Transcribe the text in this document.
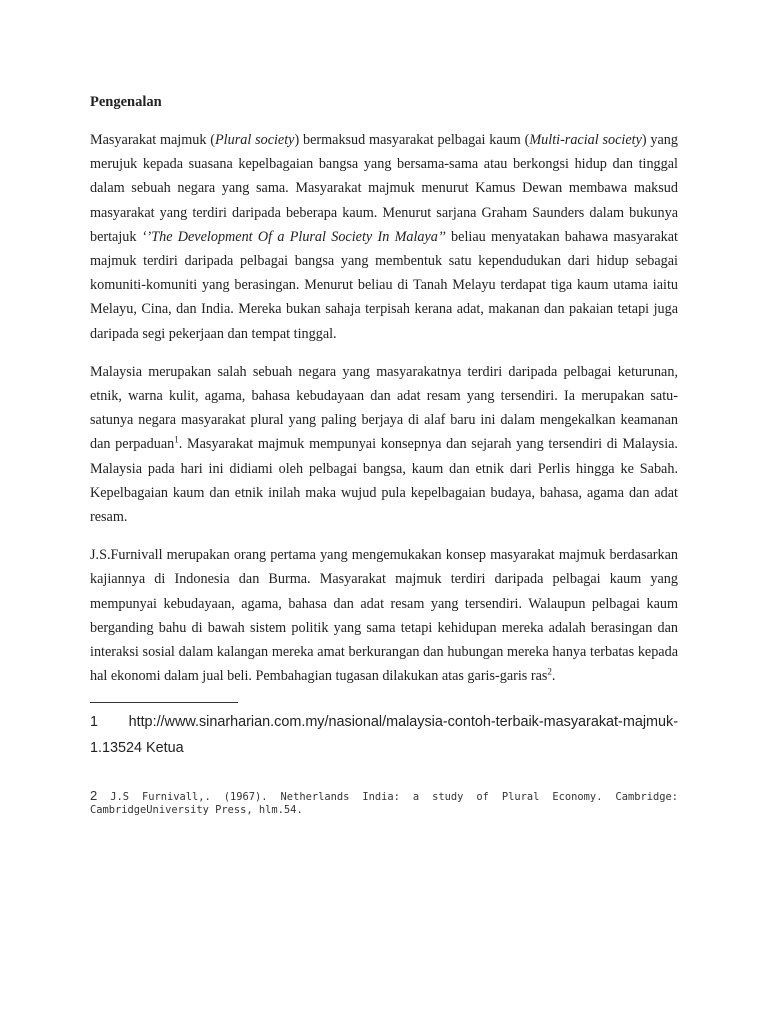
Pengenalan

Masyarakat majmuk (Plural society) bermaksud masyarakat pelbagai kaum (Multi-racial society) yang merujuk kepada suasana kepelbagaian bangsa yang bersama-sama atau berkongsi hidup dan tinggal dalam sebuah negara yang sama. Masyarakat majmuk menurut Kamus Dewan membawa maksud masyarakat yang terdiri daripada beberapa kaum. Menurut sarjana Graham Saunders dalam bukunya bertajuk ‘’The Development Of a Plural Society In Malaya’’ beliau menyatakan bahawa masyarakat majmuk terdiri daripada pelbagai bangsa yang membentuk satu kependudukan dari hidup sebagai komuniti-komuniti yang berasingan. Menurut beliau di Tanah Melayu terdapat tiga kaum utama iaitu Melayu, Cina, dan India. Mereka bukan sahaja terpisah kerana adat, makanan dan pakaian tetapi juga daripada segi pekerjaan dan tempat tinggal.

Malaysia merupakan salah sebuah negara yang masyarakatnya terdiri daripada pelbagai keturunan, etnik, warna kulit, agama, bahasa kebudayaan dan adat resam yang tersendiri. Ia merupakan satu-satunya negara masyarakat plural yang paling berjaya di alaf baru ini dalam mengekalkan keamanan dan perpaduan$^1$. Masyarakat majmuk mempunyai konsepnya dan sejarah yang tersendiri di Malaysia. Malaysia pada hari ini didiami oleh pelbagai bangsa, kaum dan etnik dari Perlis hingga ke Sabah. Kepelbagaian kaum dan etnik inilah maka wujud pula kepelbagaian budaya, bahasa, agama dan adat resam.

J.S.Furnivall merupakan orang pertama yang mengemukakan konsep masyarakat majmuk berdasarkan kajiannya di Indonesia dan Burma. Masyarakat majmuk terdiri daripada pelbagai kaum yang mempunyai kebudayaan, agama, bahasa dan adat resam yang tersendiri. Walaupun pelbagai kaum berganding bahu di bawah sistem politik yang sama tetapi kehidupan mereka adalah berasingan dan interaksi sosial dalam kalangan mereka amat berkurangan dan hubungan mereka hanya terbatas kepada hal ekonomi dalam jual beli. Pembahagian tugasan dilakukan atas garis-garis ras$^2$.

1 http://www.sinarharian.com.my/nasional/malaysia-contoh-terbaik-masyarakat-majmuk-
1.13524 Ketua
2 J.S Furnivall,. (1967). Netherlands India: a study of Plural Economy. Cambridge: CambridgeUniversity Press, hlm.54.
